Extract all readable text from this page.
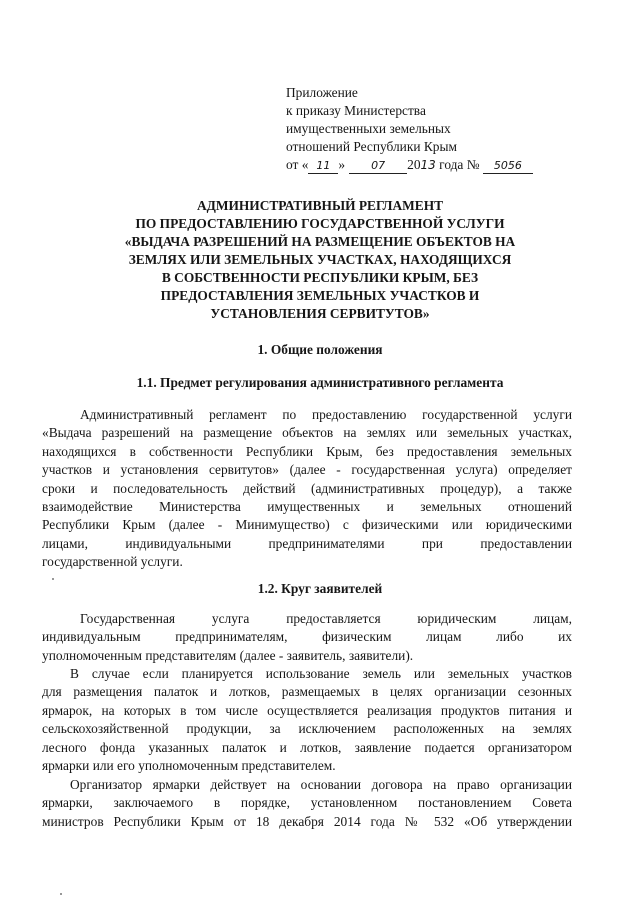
Приложение
к приказу Министерства
имущественныхи земельных
отношений Республики Крым
от « 11 » 07 2013 года № 5056
АДМИНИСТРАТИВНЫЙ РЕГЛАМЕНТ
ПО ПРЕДОСТАВЛЕНИЮ ГОСУДАРСТВЕННОЙ УСЛУГИ
«ВЫДАЧА РАЗРЕШЕНИЙ НА РАЗМЕЩЕНИЕ ОБЪЕКТОВ НА
ЗЕМЛЯХ ИЛИ ЗЕМЕЛЬНЫХ УЧАСТКАХ, НАХОДЯЩИХСЯ
В СОБСТВЕННОСТИ РЕСПУБЛИКИ КРЫМ, БЕЗ
ПРЕДОСТАВЛЕНИЯ ЗЕМЕЛЬНЫХ УЧАСТКОВ И
УСТАНОВЛЕНИЯ СЕРВИТУТОВ»
1. Общие положения
1.1. Предмет регулирования административного регламента
Административный регламент по предоставлению государственной услуги
«Выдача разрешений на размещение объектов на землях или земельных участках,
находящихся в собственности Республики Крым, без предоставления земельных
участков и установления сервитутов» (далее - государственная услуга) определяет
сроки и последовательность действий (административных процедур), а также
взаимодействие Министерства имущественных и земельных отношений
Республики Крым (далее - Минимущество) с физическими или юридическими
лицами, индивидуальными предпринимателями при предоставлении
государственной услуги.
1.2. Круг заявителей
Государственная услуга предоставляется юридическим лицам,
индивидуальным предпринимателям, физическим лицам либо их
уполномоченным представителям (далее - заявитель, заявители).
В случае если планируется использование земель или земельных участков
для размещения палаток и лотков, размещаемых в целях организации сезонных
ярмарок, на которых в том числе осуществляется реализация продуктов питания и
сельскохозяйственной продукции, за исключением расположенных на землях
лесного фонда указанных палаток и лотков, заявление подается организатором
ярмарки или его уполномоченным представителем.
Организатор ярмарки действует на основании договора на право организации
ярмарки, заключаемого в порядке, установленном постановлением Совета
министров Республики Крым от 18 декабря 2014 года № 532 «Об утверждении
